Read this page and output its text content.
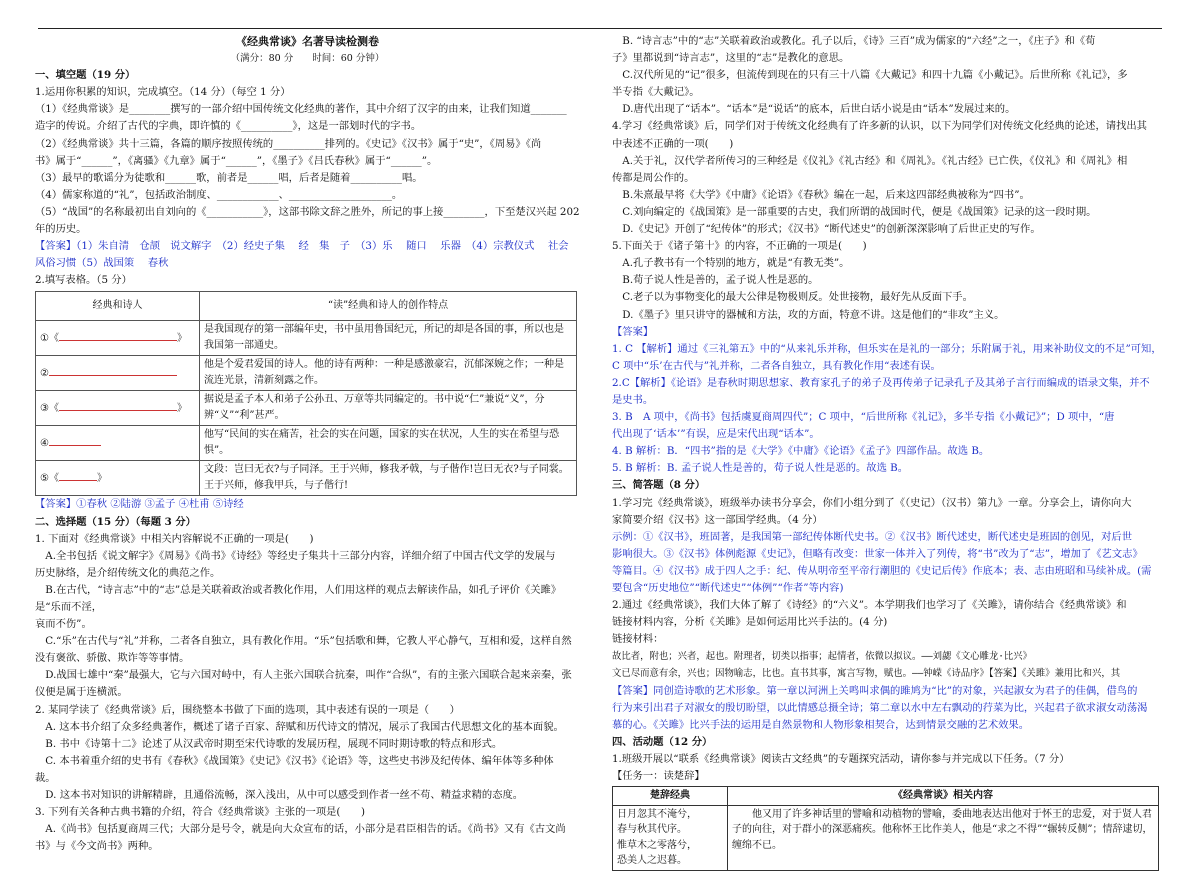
《经典常谈》名著导读检测卷

（满分：80 分　　时间：60 分钟）

一、填空题（19 分）

1.运用你积累的知识，完成填空。（14 分）（每空 1 分）

（1）《经典常谈》是________撰写的一部介绍中国传统文化经典的著作，其中介绍了汉字的由来，让我们知道_______

造字的传说。介绍了古代的字典，即许慎的《__________》，这是一部划时代的字书。

（2）《经典常谈》共十三篇，各篇的顺序按照传统的__________排列的。《史记》《汉书》属于“史”，《周易》《尚

书》属于“______”，《离骚》《九章》属于“______”，《墨子》《吕氏春秋》属于“______”。

（3）最早的歌谣分为徒歌和______歌，前者是______唱，后者是随着__________唱。

（4）儒家称道的“礼”，包括政治制度、____________、____________________。

（5）“战国”的名称最初出自刘向的《___________》，这部书除文辞之胜外，所记的事上接________，下至楚汉兴起 202

年的历史。

【答案】（1）朱自清　仓颉　说文解字　（2）经史子集　 经　集　子　（3）乐　 随口　 乐器　（4）宗教仪式　 社会

风俗习惯（5）战国策　 春秋

2.填写表格。（5 分）

经典和诗人	“读”经典和诗人的创作特点
①《 》	是我国现存的第一部编年史，书中虽用鲁国纪元，所记的却是各国的事，所以也是我国第一部通史。
②	他是个爱君爱国的诗人。他的诗有两种：一种是感激豪宕，沉郁深婉之作；一种是流连光景，清新刻露之作。
③《 》	据说是孟子本人和弟子公孙丑、万章等共同编定的。书中说“仁”兼说“义”，分辨“义”“利”甚严。
④	他写“民间的实在痛苦，社会的实在问题，国家的实在状况，人生的实在希望与恐惧”。
⑤《 》	文段：岂曰无衣?与子同泽。王于兴师，修我矛戟，与子偕作!岂曰无衣?与子同裳。王于兴师，修我甲兵，与子偕行!

【答案】①春秋 ②陆游 ③孟子 ④杜甫 ⑤诗经

二、选择题（15 分）（每题 3 分）

1. 下面对《经典常谈》中相关内容解说不正确的一项是(　　)

　A.全书包括《说文解字》《周易》《尚书》《诗经》等经史子集共十三部分内容，详细介绍了中国古代文学的发展与

历史脉络，是介绍传统文化的典范之作。

　B.在古代，“诗言志”中的“志”总是关联着政治或者教化作用，人们用这样的观点去解读作品，如孔子评价《关雎》是“乐而不淫，

哀而不伤”。

　C.“乐”在古代与“礼”并称，二者各自独立，具有教化作用。“乐”包括歌和舞，它教人平心静气，互相和爱，这样自然

没有褒欲、骄傲、欺诈等等事情。

　D.战国七雄中“秦”最强大，它与六国对峙中，有人主张六国联合抗秦，叫作“合纵”，有的主张六国联合起来亲秦，张

仪便是属于连横派。

2. 某同学读了《经典常谈》后，围绕整本书做了下面的选项，其中表述有误的一项是（　　）

　A. 这本书介绍了众多经典著作，概述了诸子百家、辞赋和历代诗文的情况，展示了我国古代思想文化的基本面貌。

　B. 书中《诗第十二》论述了从汉武帝时期至宋代诗歌的发展历程，展现不同时期诗歌的特点和形式。

　C. 本书着重介绍的史书有《春秋》《战国策》《史记》《汉书》《论语》等，这些史书涉及纪传体、编年体等多种体

裁。

　D. 这本书对知识的讲解精辟，且通俗流畅，深入浅出，从中可以感受到作者一丝不苟、精益求精的态度。

3. 下列有关各种古典书籍的介绍，符合《经典常谈》主张的一项是(　　)

　A.《尚书》包括夏商周三代；大部分是号令，就是向大众宣布的话，小部分是君臣相告的话。《尚书》又有《古文尚

书》与《今文尚书》两种。

　B. “诗言志”中的“志”关联着政治或教化。孔子以后，《诗》三百”成为儒家的“六经”之一，《庄子》和《荀

子》里都说到“诗言志”，这里的“志”是教化的意思。

　C.汉代所见的“记”很多，但流传到现在的只有三十八篇《大戴记》和四十九篇《小戴记》。后世所称《礼记》，多

半专指《大戴记》。

　D.唐代出现了“话本”。“话本”是“说话”的底本，后世白话小说是由“话本”发展过来的。

4.学习《经典常谈》后，同学们对于传统文化经典有了许多新的认识，以下为同学们对传统文化经典的论述，请找出其

中表述不正确的一项(　　)

　A.关于礼，汉代学者所传习的三种经是《仪礼》《礼古经》和《周礼》。《礼古经》已亡佚，《仪礼》和《周礼》相

传都是周公作的。

　B.朱熹最早将《大学》《中庸》《论语》《春秋》编在一起，后来这四部经典被称为“四书”。

　C.刘向编定的《战国策》是一部重要的古史，我们所谓的战国时代，便是《战国策》记录的这一段时期。

　D.《史记》开创了“纪传体”的形式；《汉书》“断代述史”的创新深深影响了后世正史的写作。

5.下面关于《诸子第十》的内容，不正确的一项是(　　)

　A.孔子教书有一个特别的地方，就是“有教无类”。

　B.荀子说人性是善的，孟子说人性是恶的。

　C.老子以为事物变化的最大公律是物极则反。处世接物，最好先从反面下手。

　D.《墨子》里只讲守的器械和方法，攻的方面，特意不讲。这是他们的“非攻”主义。

【答案】

1. C 【解析】通过《三礼第五》中的“从来礼乐并称，但乐实在是礼的一部分；乐附属于礼，用来补助仪文的不足”可知，

C 项中“乐’在古代与”礼并称，二者各自独立，具有教化作用“表述有误。

2.C【解析】《论语》是春秋时期思想家、教育家孔子的弟子及再传弟子记录孔子及其弟子言行而编成的语录文集，并不

是史书。

3. B　A 项中，《尚书》包括虞夏商周四代”；C 项中，“后世所称《礼记》，多半专指《小戴记》”；D 项中，“唐

代出现了‘话本’”有误，应是宋代出现“话本”。

4. B 解析：B．“四书”指的是《大学》《中庸》《论语》《孟子》四部作品。故选 B。

5. B 解析：B. 孟子说人性是善的，荀子说人性是恶的。故选 B。

三、简答题（8 分）

1.学习完《经典常谈》，班级举办读书分享会，你们小组分到了《（史记）（汉书）第九》一章。分享会上，请你向大

家简要介绍《汉书》这一部国学经典。（4 分）

示例：①《汉书》，班固著，是我国第一部纪传体断代史书。②《汉书》断代述史，断代述史是班固的创见，对后世

影响很大。③《汉书》体例彪源《史记》，但略有改变：世家一体并入了列传，将“书”改为了“志”，增加了《艺文志》

等篇目。④《汉书》成于四人之手：纪、传从明帝至平帝行潮胆的《史记后传》作底本；表、志由班昭和马续补成。(需

要包含“历史地位”“断代述史”“体例”“作者”等内容)

2.通过《经典常谈》，我们大体了解了《诗经》的“六义”。本学期我们也学习了《关雎》，请你结合《经典常谈》和

链接材料内容，分析《关雎》是如何运用比兴手法的。(4 分)

链接材料：

故比者，附也；兴者，起也。附理者，切类以指事；起情者，依微以拟议。——刘勰《文心雕龙·比兴》

文已尽而意有余，兴也；因物喻志，比也。直书其事，寓言写物，赋也。——钟嵘《诗品序》【答案】《关雎》兼用比和兴，其

【答案】同创造诗歌的艺术形象。第一章以河洲上关鸣叫求偶的雎鸠为“比”的对象，兴起淑女为君子的佳偶，借鸟的

行为来引出君子对淑女的殷切盼望，以此情感总摄全诗；第二章以水中左右飘动的荇菜为比，兴起君子欲求淑女动荡渴

慕的心。《关雎》比兴手法的运用是自然景物和人物形象相契合，达到情景交融的艺术效果。

四、活动题（12 分）

1.班级开展以“联系《经典常谈》阅读古文经典”的专题探究活动，请你参与并完成以下任务。（7 分）

【任务一：读楚辞】

楚辞经典	《经典常谈》相关内容

日月忽其不淹兮，

春与秋其代序。

惟草木之零落兮，

恐美人之迟暮。	　　他又用了许多神话里的譬喻和动植物的譬喻，委曲地表达出他对于怀王的忠爱，对于贤人君子的向往，对于群小的深恶痛疾。他称怀王比作美人，他是“求之不得”“辗转反侧”；情辞逮切，缠绵不已。
